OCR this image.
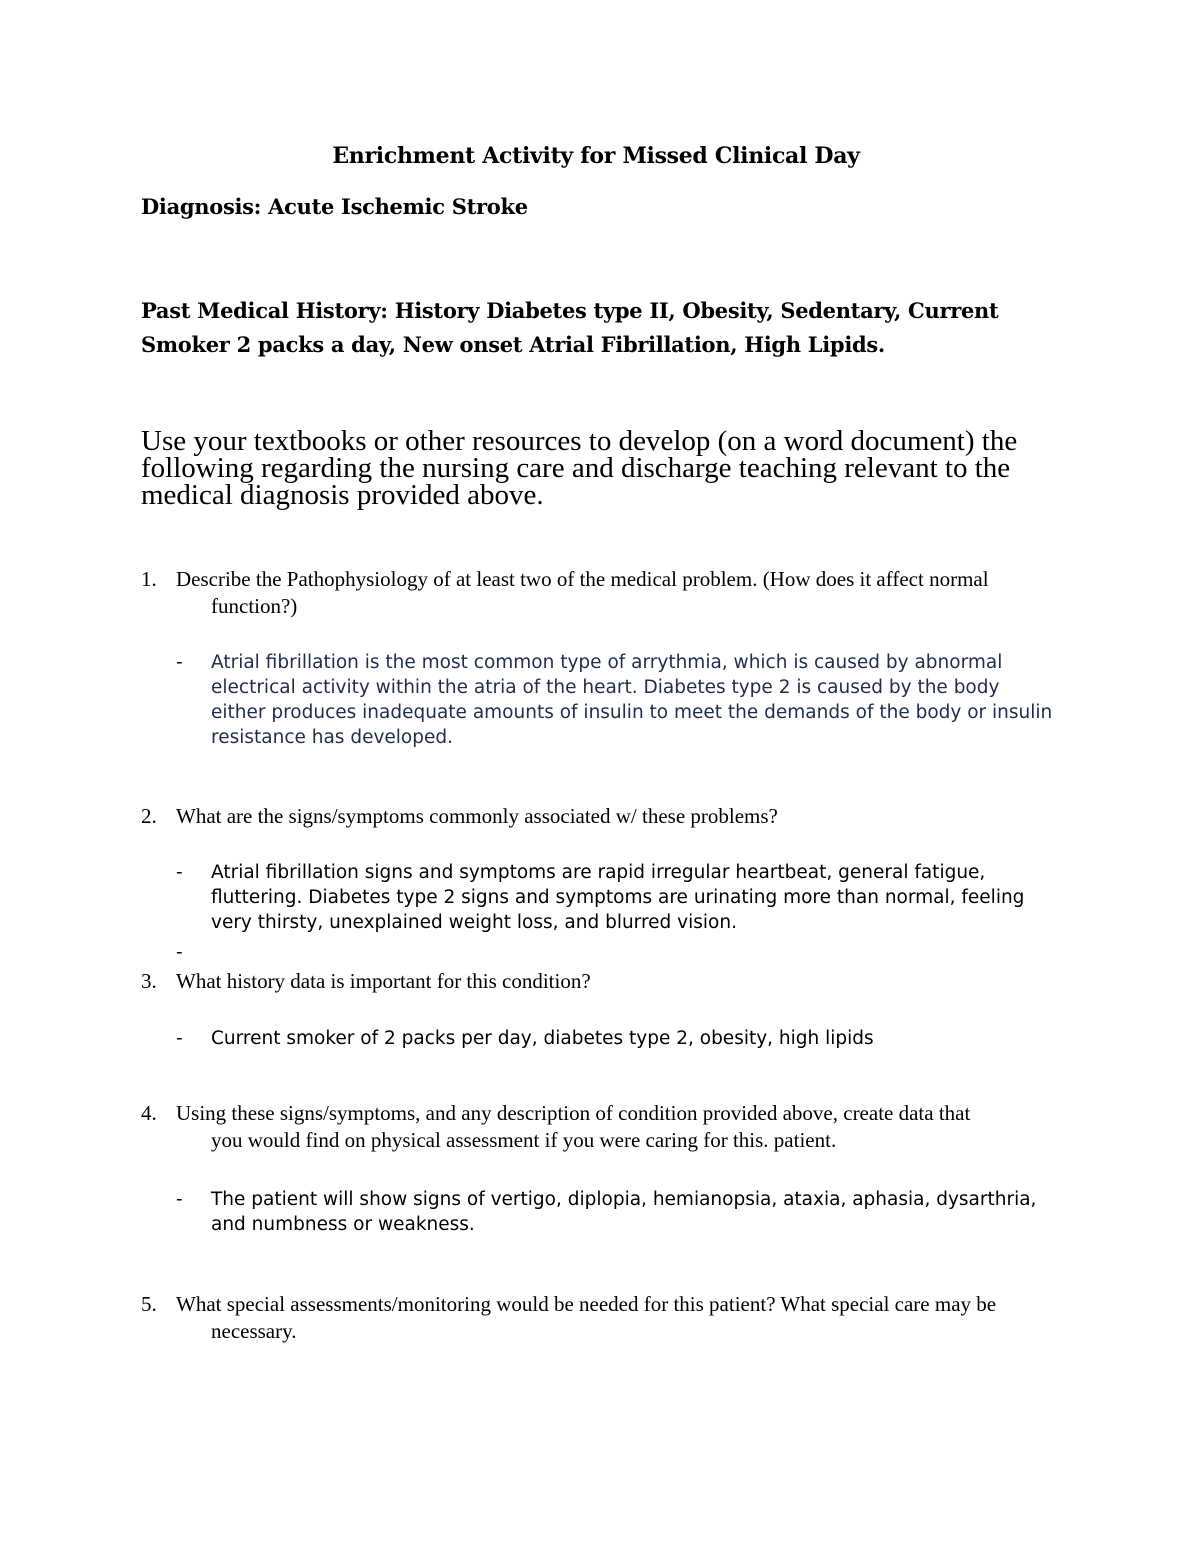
Enrichment Activity for Missed Clinical Day
Diagnosis: Acute Ischemic Stroke
Past Medical History: History Diabetes type II, Obesity, Sedentary, Current Smoker 2 packs a day, New onset Atrial Fibrillation, High Lipids.
Use your textbooks or other resources to develop (on a word document) the following regarding the nursing care and discharge teaching relevant to the medical diagnosis provided above.
1. Describe the Pathophysiology of at least two of the medical problem. (How does it affect normal
function?)
- Atrial fibrillation is the most common type of arrythmia, which is caused by abnormal electrical activity within the atria of the heart. Diabetes type 2 is caused by the body either produces inadequate amounts of insulin to meet the demands of the body or insulin resistance has developed.
2. What are the signs/symptoms commonly associated w/ these problems?
- Atrial fibrillation signs and symptoms are rapid irregular heartbeat, general fatigue, fluttering. Diabetes type 2 signs and symptoms are urinating more than normal, feeling very thirsty, unexplained weight loss, and blurred vision.
-
3. What history data is important for this condition?
- Current smoker of 2 packs per day, diabetes type 2, obesity, high lipids
4. Using these signs/symptoms, and any description of condition provided above, create data that
you would find on physical assessment if you were caring for this. patient.
- The patient will show signs of vertigo, diplopia, hemianopsia, ataxia, aphasia, dysarthria, and numbness or weakness.
5. What special assessments/monitoring would be needed for this patient? What special care may be
necessary.
